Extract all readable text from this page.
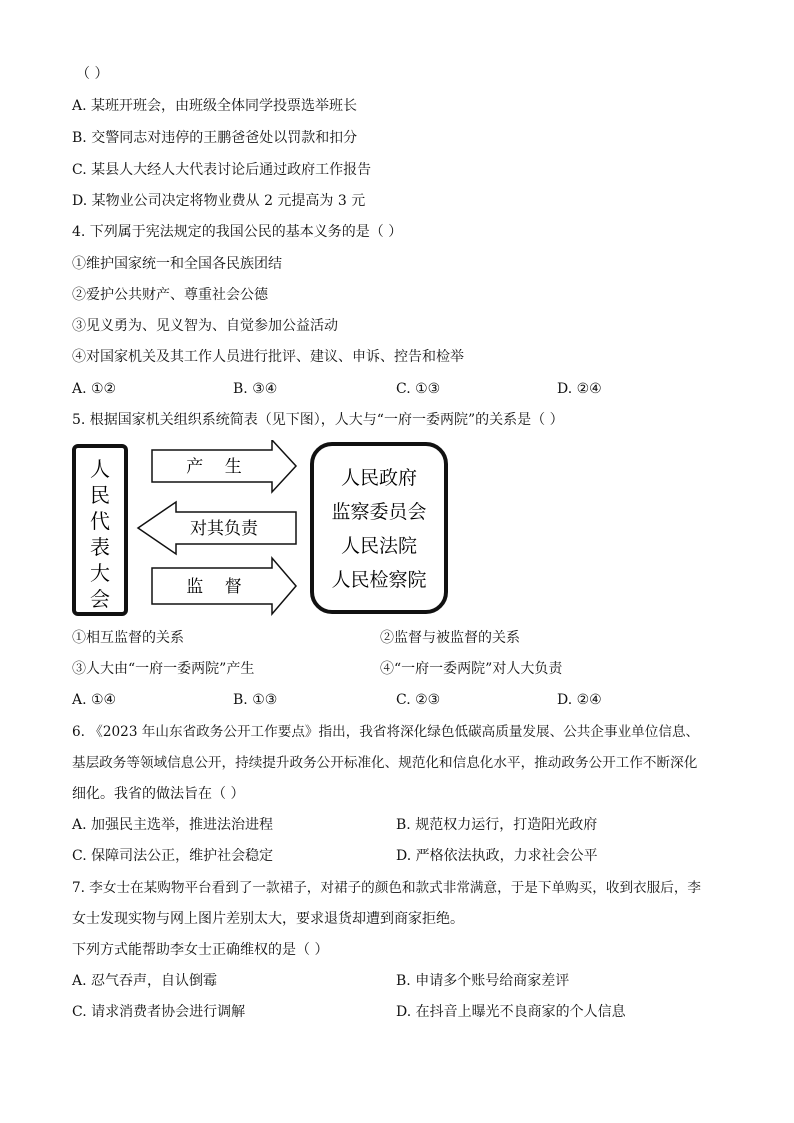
（ ）
A. 某班开班会，由班级全体同学投票选举班长
B. 交警同志对违停的王鹏爸爸处以罚款和扣分
C. 某县人大经人大代表讨论后通过政府工作报告
D. 某物业公司决定将物业费从 2 元提高为 3 元
4. 下列属于宪法规定的我国公民的基本义务的是（ ）
①维护国家统一和全国各民族团结
②爱护公共财产、尊重社会公德
③见义勇为、见义智为、自觉参加公益活动
④对国家机关及其工作人员进行批评、建议、申诉、控告和检举
A. ①②	B. ③④	C. ①③	D. ②④
5. 根据国家机关组织系统简表（见下图），人大与“一府一委两院”的关系是（ ）
人
民
代
表
大
会
产    生
对其负责
监    督
人民政府
监察委员会
人民法院
人民检察院
①相互监督的关系	②监督与被监督的关系
③人大由“一府一委两院”产生	④“一府一委两院”对人大负责
A. ①④	B. ①③	C. ②③	D. ②④
6. 《2023 年山东省政务公开工作要点》指出，我省将深化绿色低碳高质量发展、公共企事业单位信息、
基层政务等领域信息公开，持续提升政务公开标准化、规范化和信息化水平，推动政务公开工作不断深化
细化。我省的做法旨在（ ）
A. 加强民主选举，推进法治进程	B. 规范权力运行，打造阳光政府
C. 保障司法公正，维护社会稳定	D. 严格依法执政，力求社会公平
7. 李女士在某购物平台看到了一款裙子，对裙子的颜色和款式非常满意，于是下单购买，收到衣服后，李
女士发现实物与网上图片差别太大，要求退货却遭到商家拒绝。
下列方式能帮助李女士正确维权的是（ ）
A. 忍气吞声，自认倒霉	B. 申请多个账号给商家差评
C. 请求消费者协会进行调解	D. 在抖音上曝光不良商家的个人信息
